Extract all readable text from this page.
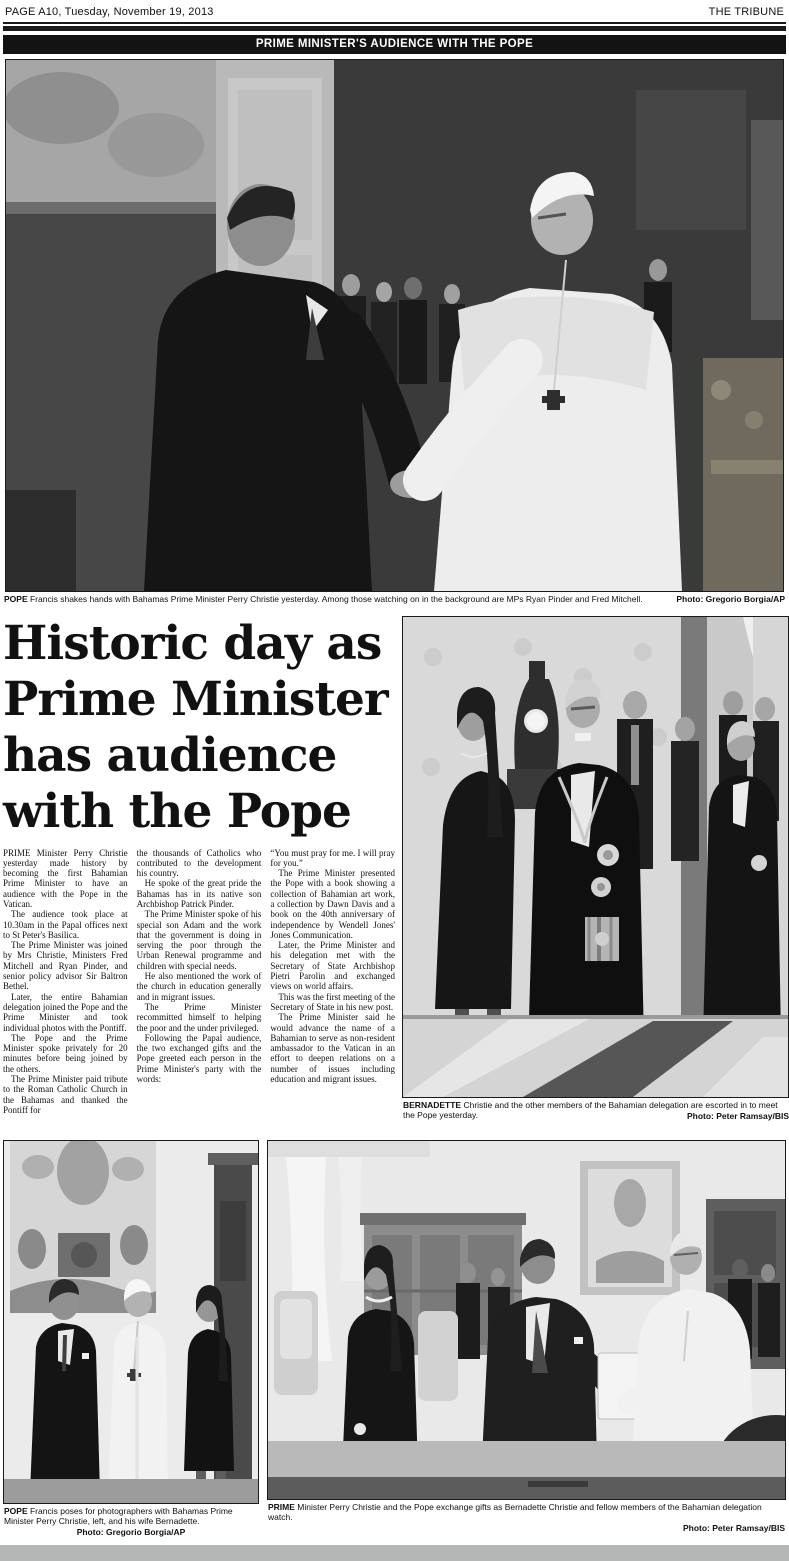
PAGE A10, Tuesday, November 19, 2013	THE TRIBUNE
PRIME MINISTER'S AUDIENCE WITH THE POPE
POPE Francis shakes hands with Bahamas Prime Minister Perry Christie yesterday. Among those watching on in the background are MPs Ryan Pinder and Fred Mitchell.	Photo: Gregorio Borgia/AP
Historic day as
Prime Minister
has audience
with the Pope

PRIME Minister Perry Christie yesterday made history by becoming the first Bahamian Prime Minister to have an audience with the Pope in the Vatican.

The audience took place at 10.30am in the Papal offices next to St Peter's Basilica.

The Prime Minister was joined by Mrs Christie, Ministers Fred Mitchell and Ryan Pinder, and senior policy advisor Sir Baltron Bethel.

Later, the entire Bahamian delegation joined the Pope and the Prime Minister and took individual photos with the Pontiff.

The Pope and the Prime Minister spoke privately for 20 minutes before being joined by the others.

The Prime Minister paid tribute to the Roman Catholic Church in the Bahamas and thanked the Pontiff for

the thousands of Catholics who contributed to the development his country.

He spoke of the great pride the Bahamas has in its native son Archbishop Patrick Pinder.

The Prime Minister spoke of his special son Adam and the work that the government is doing in serving the poor through the Urban Renewal programme and children with special needs.

He also mentioned the work of the church in education generally and in migrant issues.

The Prime Minister recommitted himself to helping the poor and the under privileged.

Following the Papal audience, the two exchanged gifts and the Pope greeted each person in the Prime Minister's party with the words:

“You must pray for me. I will pray for you.”

The Prime Minister presented the Pope with a book showing a collection of Bahamian art work, a collection by Dawn Davis and a book on the 40th anniversary of independence by Wendell Jones' Jones Communication.

Later, the Prime Minister and his delegation met with the Secretary of State Archbishop Pietri Parolin and exchanged views on world affairs.

This was the first meeting of the Secretary of State in his new post.

The Prime Minister said he would advance the name of a Bahamian to serve as non-resident ambassador to the Vatican in an effort to deepen relations on a number of issues including education and migrant issues.

BERNADETTE Christie and the other members of the Bahamian delegation are escorted in to meet the Pope yesterday.	Photo: Peter Ramsay/BIS
POPE Francis poses for photographers with Bahamas Prime Minister Perry Christie, left, and his wife Bernadette.
Photo: Gregorio Borgia/AP
PRIME Minister Perry Christie and the Pope exchange gifts as Bernadette Christie and fellow members of the Bahamian delegation watch.
Photo: Peter Ramsay/BIS
